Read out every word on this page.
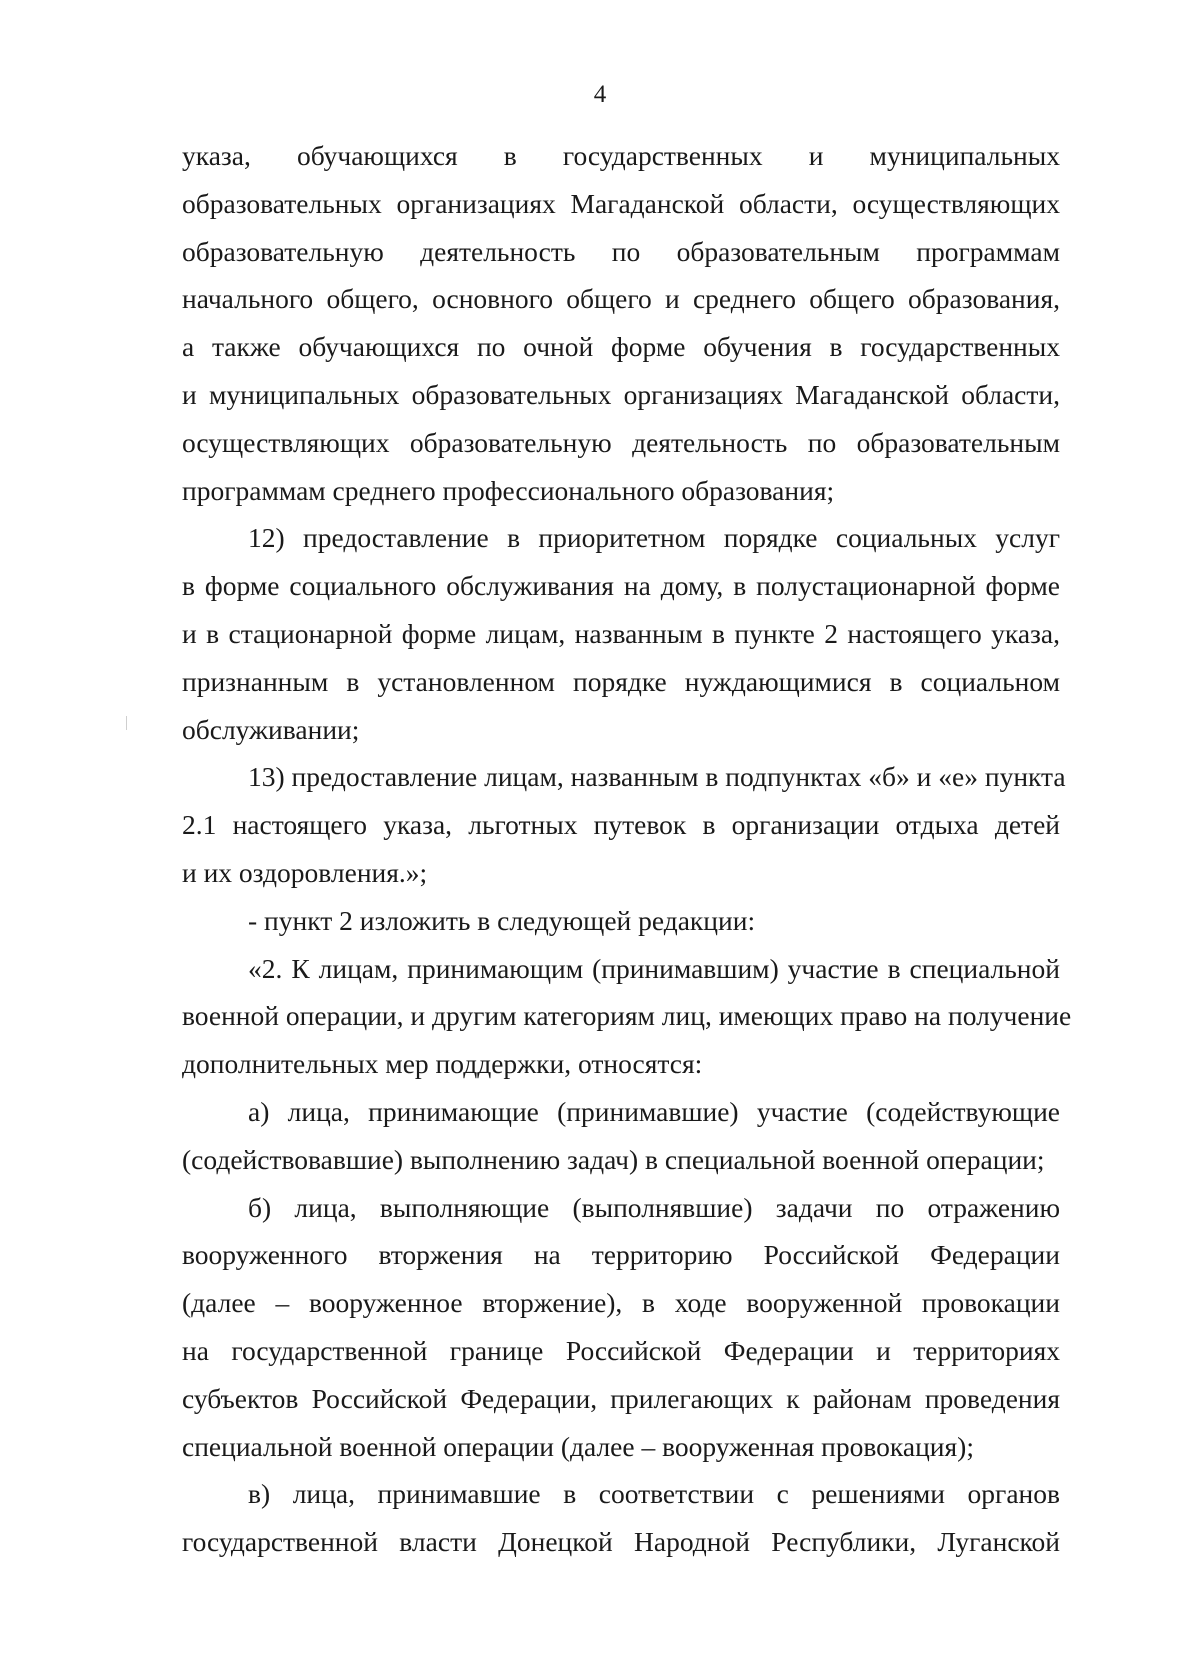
4
указа, обучающихся в государственных и муниципальных
образовательных организациях Магаданской области, осуществляющих
образовательную деятельность по образовательным программам
начального общего, основного общего и среднего общего образования,
а также обучающихся по очной форме обучения в государственных
и муниципальных образовательных организациях Магаданской области,
осуществляющих образовательную деятельность по образовательным
программам среднего профессионального образования;
12) предоставление в приоритетном порядке социальных услуг
в форме социального обслуживания на дому, в полустационарной форме
и в стационарной форме лицам, названным в пункте 2 настоящего указа,
признанным в установленном порядке нуждающимися в социальном
обслуживании;
13) предоставление лицам, названным в подпунктах «б» и «е» пункта
2.1 настоящего указа, льготных путевок в организации отдыха детей
и их оздоровления.»;
- пункт 2 изложить в следующей редакции:
«2. К лицам, принимающим (принимавшим) участие в специальной
военной операции, и другим категориям лиц, имеющих право на получение
дополнительных мер поддержки, относятся:
а) лица, принимающие (принимавшие) участие (содействующие
(содействовавшие) выполнению задач) в специальной военной операции;
б) лица, выполняющие (выполнявшие) задачи по отражению
вооруженного вторжения на территорию Российской Федерации
(далее – вооруженное вторжение), в ходе вооруженной провокации
на государственной границе Российской Федерации и территориях
субъектов Российской Федерации, прилегающих к районам проведения
специальной военной операции (далее – вооруженная провокация);
в) лица, принимавшие в соответствии с решениями органов
государственной власти Донецкой Народной Республики, Луганской
